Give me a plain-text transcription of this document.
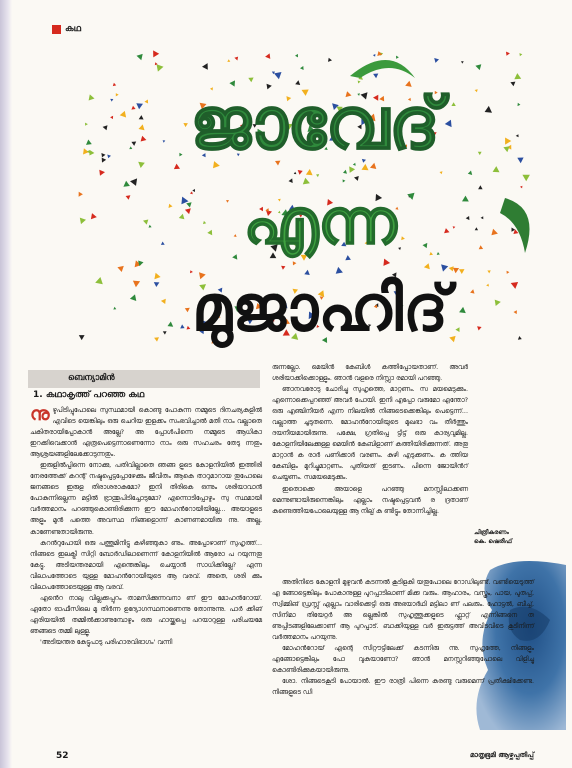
കഥ
ജാവേദ്
എന്ന
മുജാഹിദ്
ബെന്യാമിൻ
1. കഥാകൃത്ത് പറഞ്ഞ കഥ

നുഴുപിടിപ്പുപോലെ സുസ്ഥമായി കൊണ്ടു പോകുന്ന നമ്മുടെ ദിനചര്യകളിൽ എവിടെ യെങ്കിലും ഒരു ചെറിയ ഇളക്കം സംഭവിച്ചാൽ മതി നാം വല്ലാതെ ചകിതരായിപ്പോകാൻ അല്ലേ? അ പ്പോൾപിന്നെ നമ്മുടെ ആധികാ ഇറക്കിവെക്കാൻ എത്രപെട്ടെന്നാണെന്നോ നാം ഒരു സഹചരം തേടു ന്നതും ആശ്രയങ്ങളിലേക്കോടുന്നതും.

ഇരുളിൽപ്പിന്നെ നോക്കു, പതിവില്ലാതെ ഞങ്ങ ളുടെ കോളനിയിൽ ഇത്തിരി നേരത്തേക്ക് കറന്റ് നഷ്ടപ്പെട്ടപ്പോഴേക്കും ജീവിതം ആകെ താറുമാറായ തുപോലെ ജനങ്ങടെ ഇരുള തിരാശരാകുമോ? ഇനി തിരികെ ഒന്നും ശരിയാവാൻ പോകുന്നില്ലെന്ന മട്ടിൽ ഭ്രാന്തുപിടിച്ചോടുമോ? എന്നൊടിപ്പോഴും സു സ്ഥമായി വർത്തമാനം പറഞ്ഞുകൊണ്ടിരിക്കുന്ന ഈ മോഹൻറോയിയില്ലേ... അയാളുടെ അളും മുൻ പത്തെ അവസ്ഥ നിങ്ങളൊന്ന് കാണണമായിരു ന്നു. അല്ല, കാണേണ്ടതായിരുന്നു.

കറൻറുപോയി ഒരു പത്തുമിനിട്ടു കഴിഞ്ഞുകാ ണും. അപ്പോഴാണ് സുഹൃത്ത്... നിങ്ങടെ ഇലക്ട്രി സിറ്റി ബോർഡിലാണെന്ന് കോളനിയിൽ ആരോ പ റയുന്നതു കേട്ടു. അടിയന്തരമായി എന്തെങ്കിലും ചെയ്യാൻ സാധിക്കില്ലേ? എന്ന വിലാപത്തോടെ യുള്ള മോഹൻറോയിയുടെ ആ വരവ്. അതെ, ശരി ക്കും വിലാപത്തോടെയുള്ള ആ വരവ്.

എൻെറ നാലു വില്ലക്കപ്പുറം താമസിക്കുന്നവനാ ണ് ഈ മോഹൻറോയ്. ഏതോ ഓഫീസിലെ മു തിർന്ന ഉദ്യോഗസ്ഥനാണെന്നു തോന്നുന്നു. പാർ ക്കിങ് ഏരിയയിൽ തമ്മിൽക്കാണുമ്പോഴും ഒരു ഹായ്ക്കപ്പെ പറയാറുള്ള പരിചയമേ ഞങ്ങടെ തമ്മി ലുള്ളൂ.

'അടിയന്തര കേട്ടുപാടു പരിഹാരവിഭാഗം' വന്നി

രുന്നല്ലോ. മെയിൻ കേബിൾ കത്തിപ്പോയതാണ്. അവർ ശരിയാക്കിക്കൊള്ളും. ഞാൻ വളരെ നിസ്സാ രമായി പറഞ്ഞു.

ഞാനവരോടു ചോദിച്ചു സുഹൃത്തെ, മാറ്റണം. സ മയമെടുക്കും. എന്നൊക്കെപ്പറഞ്ഞ് അവർ പോയി. ഇനി എപ്പോ വരുമോ എന്തോ? ഒരു എഞ്ചിനീയർ എന്ന നിലയിൽ നിങ്ങടെക്കെങ്കിലും പെട്ടെന്ന്... വല്ലാത്ത ചൂടുതന്നെ. മോഹൻറോയിയുടെ മുഖഭാ വം തീർത്തും ദയനീയമായിരുന്നു. പക്ഷേ, ഗ്രതിപ്പെ ട്ടിട്ട് ഒരു കാര്യവുമില്ല. കോളനിയിലേക്കുള്ള മെയിൻ കേബിളാണ് കത്തിയിരിക്കുന്നത്. അതു മാറ്റാൻ ക രാർ പണിക്കാർ വരണം. കുഴി എടുക്കണം. ക ത്തിയ കേബിളം മുറിച്ചുമാറ്റണം. പുതിയത് ഇടണം. പിന്നെ ജോയിൻറ് ചെയ്യണം. സമയമെടുക്കും.

ഇതൊക്കെ അയാളെ പറഞ്ഞു മനസ്സിലാക്കണ മെന്നുണ്ടായിരുന്നെങ്കിലും എല്ലാം നഷ്ടപ്പെട്ടവൻ ര ദ്രതാണ് കണ്ടെത്തിയപോലെയുള്ള ആ നില്പ് ക ണ്ടിട്ടും തോന്നിച്ചില്ല.

ചിത്രീകരണം
കെ. ഷെരീഫ്

അതിനിടെ കോളനി മുഴുവൻ കടന്നൽ കൂടിളകി യതുപോലെ റോഡിലുണ്ട്. വണ്ടിയെടുത്ത് എ ങ്ങോട്ടെങ്കിലും പോകാനുള്ള പുറപ്പാടിലാണ് മിക്ക വരും. ആഹാരം, വസ്ത്രം, പായ, പുതപ്പ്, സ്വിമ്മിങ് ഡ്രസ്സ് എല്ലാം വാരിക്കെട്ടി ഒരു അഭയാർഥി മട്ടിലാ ണ് പലരും. ഹോട്ടൽ, ബീച്ച്, സിനിമാ തിയേറ്റർ അ ല്ലെങ്കിൽ സുഹൃത്തുക്കളുടെ ഫ്ലാറ്റ് എന്നിങ്ങനെ ത ണുപ്പിടങ്ങളിലേക്കാണ് ആ പുറപ്പാട്. ബാക്കിയുള്ള വർ ഇരുട്ടത്ത് അവിടവിടെ കൂടിനിന്ന് വർത്തമാനം പറയുന്നു.

മോഹൻറോയ് എന്റെ സിറ്റൗട്ടിലേക്ക് കടന്നിരു ന്നു. സുഹൃത്തേ, നിങ്ങളും എങ്ങോട്ടെങ്കിലും പോ വുകയാണോ? ഞാൻ മനസ്സറിഞ്ഞുപോലെ വിളിച്ചു കൊണ്ടിരിക്കുകയായിരുന്നു.

ശോ. നിങ്ങടെകൂടി പോയാൽ. ഈ രാത്രി പിന്നെ കരണ്ടു വരുമെന്ന് പ്രതീക്ഷിക്കേണ്ട. നിങ്ങളുടെ ഡി

52	മാതൃഭൂമി ആഴ്ചപ്പതിപ്പ്
